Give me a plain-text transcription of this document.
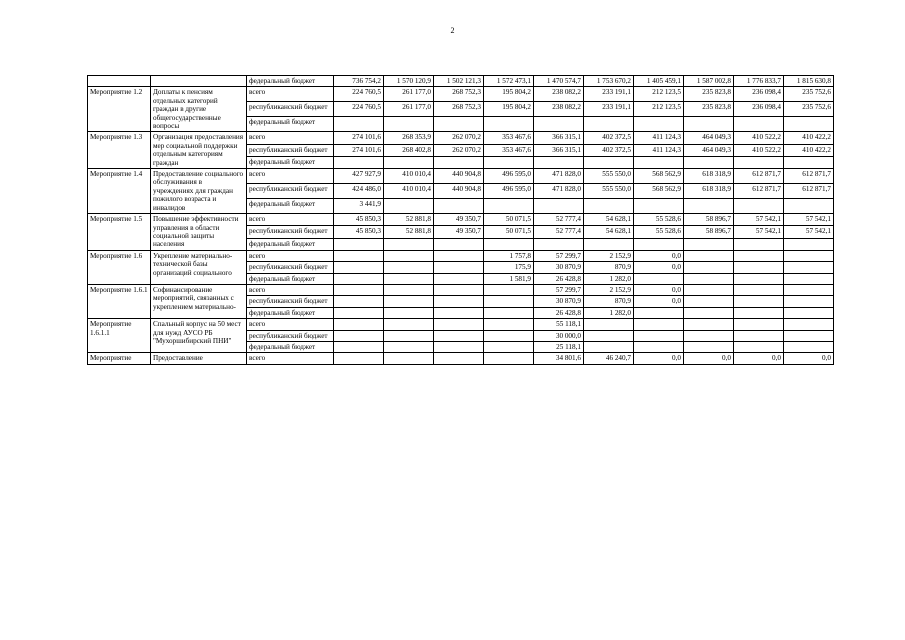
2
		федеральный бюджет	736 754,2	1 570 120,9	1 502 121,3	1 572 473,1	1 470 574,7	1 753 670,2	1 405 459,1	1 587 002,8	1 776 833,7	1 815 630,8
Мероприятие 1.2	Доплаты к пенсиям отдельных категорий граждан в другие общегосударственные вопросы	всего	224 760,5	261 177,0	268 752,3	195 804,2	238 082,2	233 191,1	212 123,5	235 823,8	236 098,4	235 752,6
		республиканский бюджет	224 760,5	261 177,0	268 752,3	195 804,2	238 082,2	233 191,1	212 123,5	235 823,8	236 098,4	235 752,6
		федеральный бюджет										
Мероприятие 1.3	Организация предоставления мер социальной поддержки отдельным категориям граждан	всего	274 101,6	268 353,9	262 070,2	353 467,6	366 315,1	402 372,5	411 124,3	464 049,3	410 522,2	410 422,2
		республиканский бюджет	274 101,6	268 402,8	262 070,2	353 467,6	366 315,1	402 372,5	411 124,3	464 049,3	410 522,2	410 422,2
		федеральный бюджет										
Мероприятие 1.4	Предоставление социального обслуживания в учреждениях для граждан пожилого возраста и инвалидов	всего	427 927,9	410 010,4	440 904,8	496 595,0	471 828,0	555 550,0	568 562,9	618 318,9	612 871,7	612 871,7
		республиканский бюджет	424 486,0	410 010,4	440 904,8	496 595,0	471 828,0	555 550,0	568 562,9	618 318,9	612 871,7	612 871,7
		федеральный бюджет	3 441,9									
Мероприятие 1.5	Повышение эффективности управления в области социальной защиты населения	всего	45 850,3	52 881,8	49 350,7	50 071,5	52 777,4	54 628,1	55 528,6	58 896,7	57 542,1	57 542,1
		республиканский бюджет	45 850,3	52 881,8	49 350,7	50 071,5	52 777,4	54 628,1	55 528,6	58 896,7	57 542,1	57 542,1
		федеральный бюджет										
Мероприятие 1.6	Укрепление материально-технической базы организаций социального	всего				1 757,8	57 299,7	2 152,9	0,0			
		республиканский бюджет				175,9	30 870,9	870,9	0,0			
		федеральный бюджет				1 581,9	26 428,8	1 282,0				
Мероприятие 1.6.1	Софинансирование мероприятий, связанных с укреплением материально-	всего					57 299,7	2 152,9	0,0			
		республиканский бюджет					30 870,9	870,9	0,0			
		федеральный бюджет					26 428,8	1 282,0				
Мероприятие 1.6.1.1	Спальный корпус на 50 мест для нужд АУСО РБ "Мухоршибирский ПНИ"	всего					55 118,1					
		республиканский бюджет					30 000,0					
		федеральный бюджет					25 118,1					
Мероприятие	Предоставление	всего					34 801,6	46 240,7	0,0	0,0	0,0	0,0
